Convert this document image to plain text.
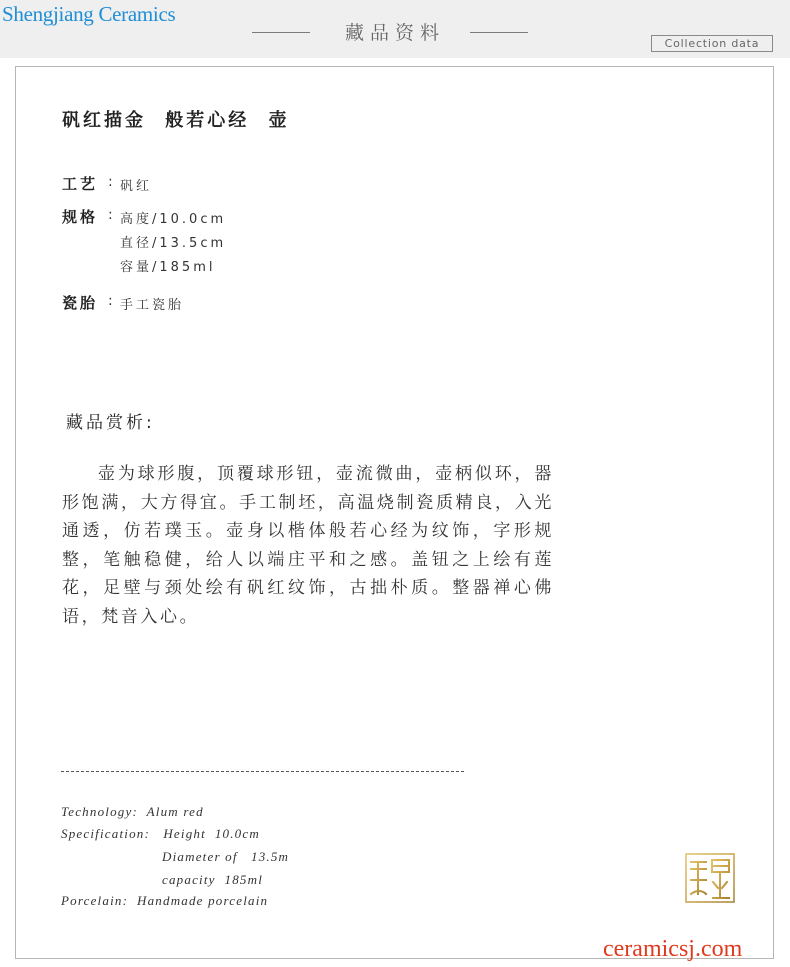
Shengjiang Ceramics
藏品资料	Collection data
矾红描金 般若心经 壶
工艺 : 矾红
规格 : 高度/10.0cm
直径/13.5cm
容量/185ml
瓷胎 : 手工瓷胎
藏品赏析:

壶为球形腹，顶覆球形钮，壶流微曲，壶柄似环，器形饱满，大方得宜。手工制坯，高温烧制瓷质精良，入光通透，仿若璞玉。壶身以楷体般若心经为纹饰，字形规整，笔触稳健，给人以端庄平和之感。盖钮之上绘有莲花，足壁与颈处绘有矾红纹饰，古拙朴质。整器禅心佛语，梵音入心。

Technology:  Alum red
Specification:   Height  10.0cm
Diameter of   13.5m
capacity  185ml
Porcelain:  Handmade porcelain
ceramicsj.com
